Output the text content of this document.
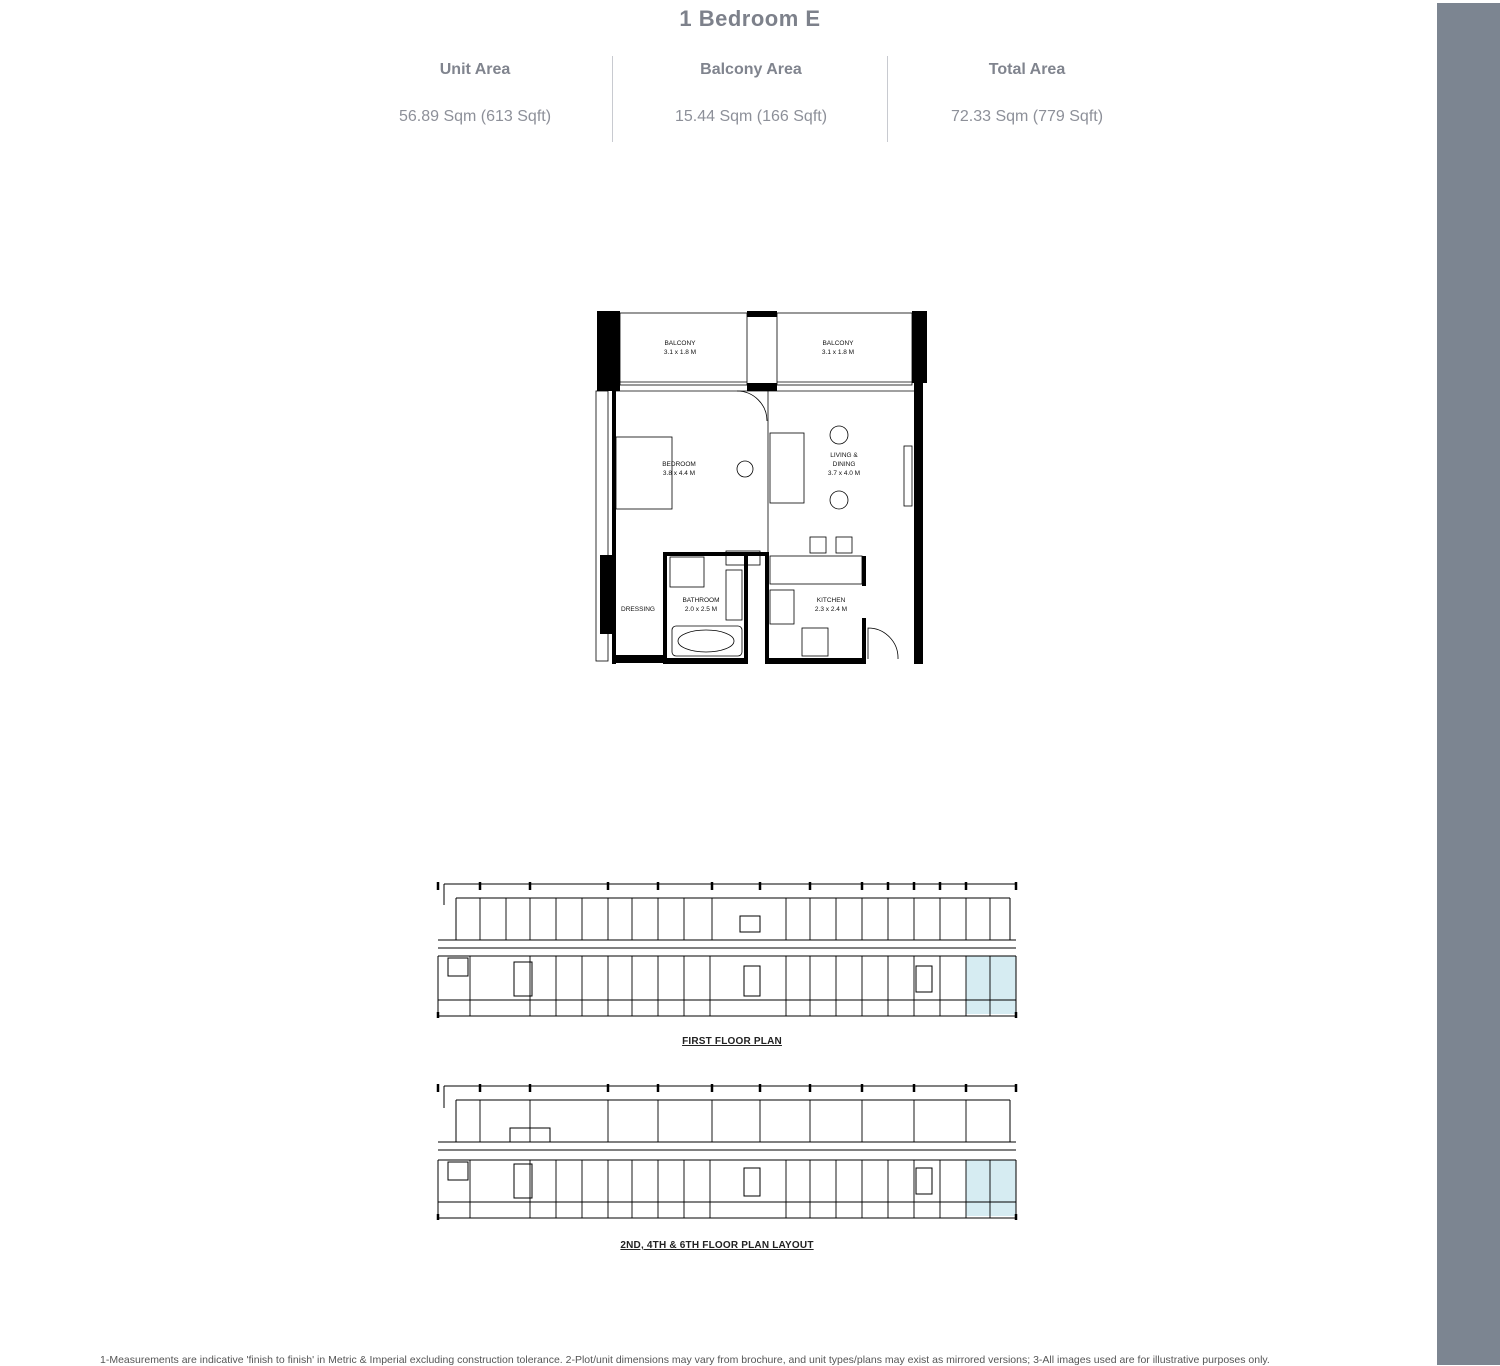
1 Bedroom E
Unit Area
56.89 Sqm (613 Sqft)
Balcony Area
15.44 Sqm (166 Sqft)
Total Area
72.33 Sqm (779 Sqft)
BALCONY
3.1 x 1.8 M
BALCONY
3.1 x 1.8 M
BEDROOM
3.8 x 4.4 M
LIVING &
DINING
3.7 x 4.0 M
BATHROOM
2.0 x 2.5 M
KITCHEN
2.3 x 2.4 M
DRESSING
FIRST FLOOR PLAN
2ND, 4TH & 6TH FLOOR PLAN LAYOUT
1-Measurements are indicative 'finish to finish' in Metric & Imperial excluding construction tolerance. 2-Plot/unit dimensions may vary from brochure, and unit types/plans may exist as mirrored versions; 3-All images used are for illustrative purposes only.
